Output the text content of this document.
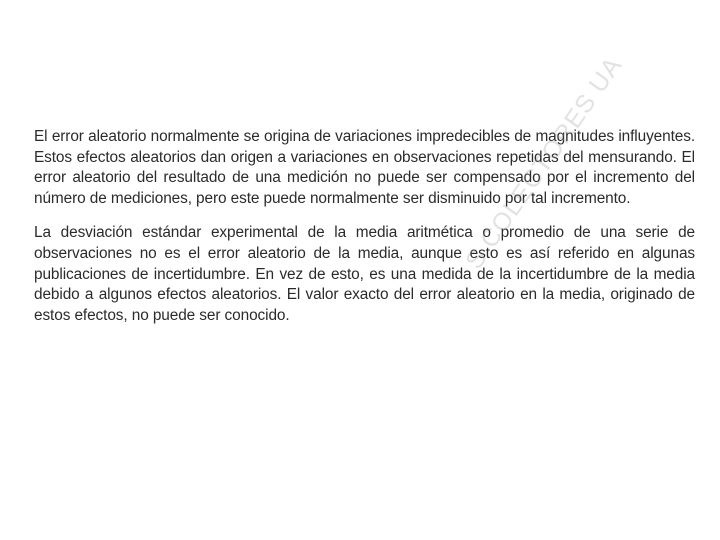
El error aleatorio normalmente se origina de variaciones impredecibles de magnitudes influyentes. Estos efectos aleatorios dan origen a variaciones en observaciones repetidas del mensurando. El error aleatorio del resultado de una medición no puede ser compensado por el incremento del número de mediciones, pero este puede normalmente ser disminuido por tal incremento.

La desviación estándar experimental de la media aritmética o promedio de una serie de observaciones no es el error aleatorio de la media, aunque esto es así referido en algunas publicaciones de incertidumbre. En vez de esto, es una medida de la incertidumbre de la media debido a algunos efectos aleatorios. El valor exacto del error aleatorio en la media, originado de estos efectos, no puede ser conocido.

S COLECTORES UA
